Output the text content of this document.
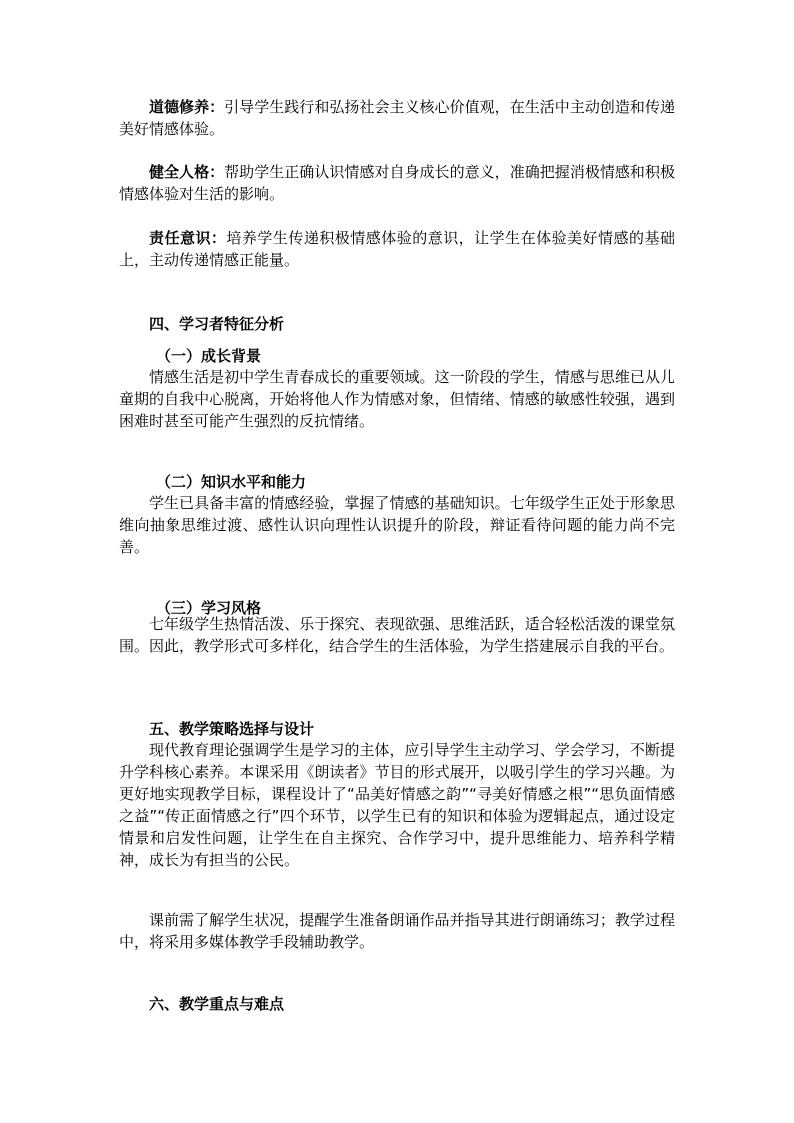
道德修养：引导学生践行和弘扬社会主义核心价值观，在生活中主动创造和传递美好情感体验。

健全人格：帮助学生正确认识情感对自身成长的意义，准确把握消极情感和积极情感体验对生活的影响。

责任意识：培养学生传递积极情感体验的意识，让学生在体验美好情感的基础上，主动传递情感正能量。

四、学习者特征分析

（一）成长背景

情感生活是初中学生青春成长的重要领域。这一阶段的学生，情感与思维已从儿童期的自我中心脱离，开始将他人作为情感对象，但情绪、情感的敏感性较强，遇到困难时甚至可能产生强烈的反抗情绪。

（二）知识水平和能力

学生已具备丰富的情感经验，掌握了情感的基础知识。七年级学生正处于形象思维向抽象思维过渡、感性认识向理性认识提升的阶段，辩证看待问题的能力尚不完善。

（三）学习风格

七年级学生热情活泼、乐于探究、表现欲强、思维活跃，适合轻松活泼的课堂氛围。因此，教学形式可多样化，结合学生的生活体验，为学生搭建展示自我的平台。

五、教学策略选择与设计

现代教育理论强调学生是学习的主体，应引导学生主动学习、学会学习，不断提升学科核心素养。本课采用《朗读者》节目的形式展开，以吸引学生的学习兴趣。为更好地实现教学目标，课程设计了“品美好情感之韵”“寻美好情感之根”“思负面情感之益”“传正面情感之行”四个环节，以学生已有的知识和体验为逻辑起点，通过设定情景和启发性问题，让学生在自主探究、合作学习中，提升思维能力、培养科学精神，成长为有担当的公民。

课前需了解学生状况，提醒学生准备朗诵作品并指导其进行朗诵练习；教学过程中，将采用多媒体教学手段辅助教学。

六、教学重点与难点
